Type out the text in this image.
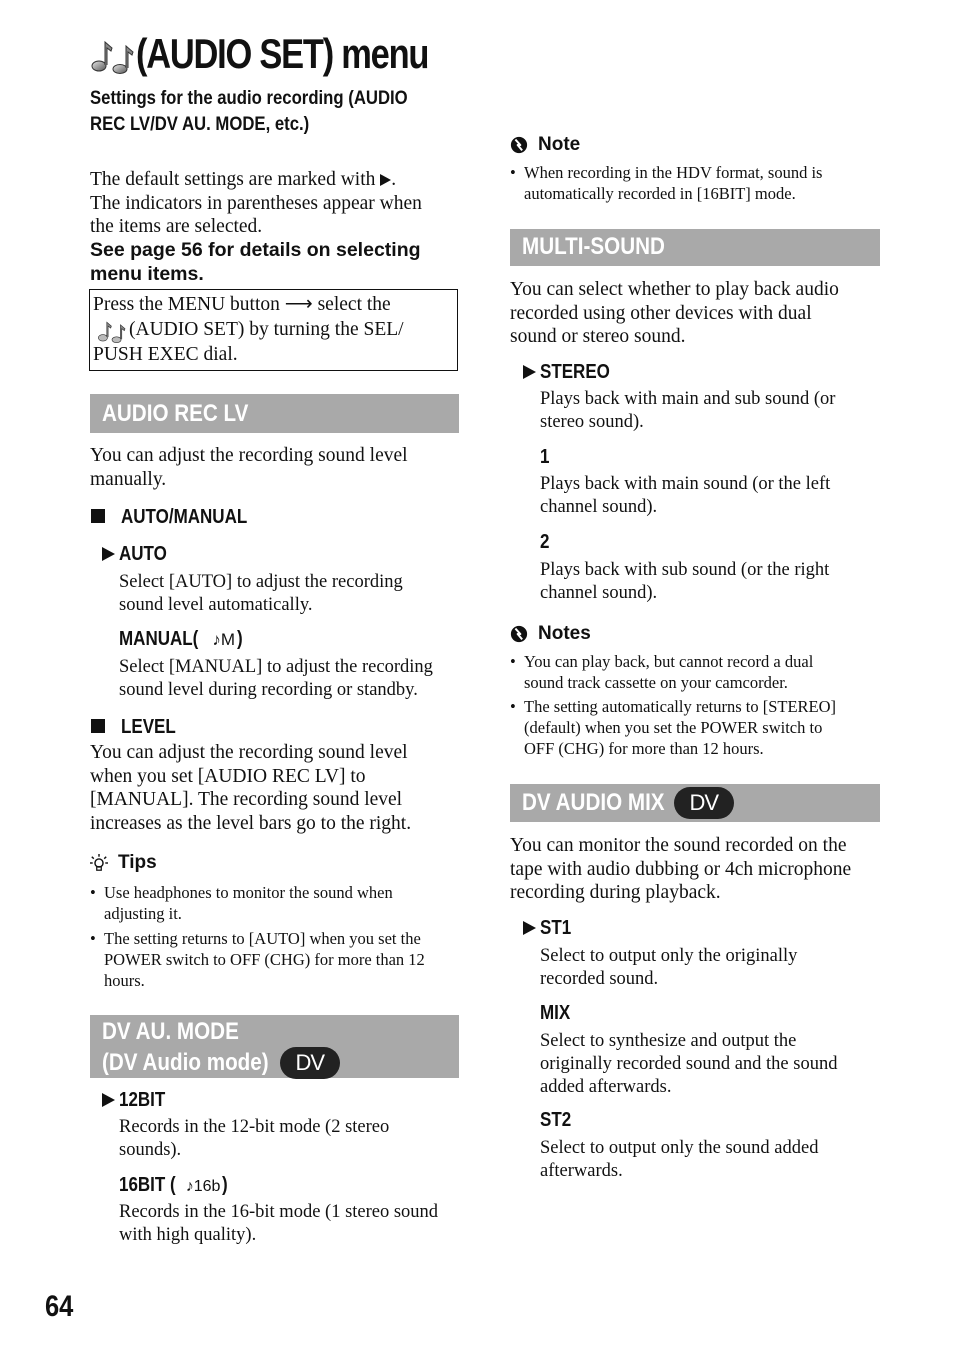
(AUDIO SET) menu
Settings for the audio recording (AUDIO
REC LV/DV AU. MODE, etc.)
The default settings are marked with .
The indicators in parentheses appear when
the items are selected.
See page 56 for details on selecting
menu items.
Press the MENU button ⟶ select the
(AUDIO SET) by turning the SEL/
PUSH EXEC dial.
AUDIO REC LV
You can adjust the recording sound level
manually.
AUTO/MANUAL
AUTO
Select [AUTO] to adjust the recording
sound level automatically.
MANUAL( ♪M )
Select [MANUAL] to adjust the recording
sound level during recording or standby.
LEVEL
You can adjust the recording sound level
when you set [AUDIO REC LV] to
[MANUAL]. The recording sound level
increases as the level bars go to the right.
Tips
• Use headphones to monitor the sound when
adjusting it.
• The setting returns to [AUTO] when you set the
POWER switch to OFF (CHG) for more than 12
hours.
DV AU. MODE
(DV Audio mode)	DV
12BIT
Records in the 12-bit mode (2 stereo
sounds).
16BIT ( ♪16b )
Records in the 16-bit mode (1 stereo sound
with high quality).
Note
• When recording in the HDV format, sound is
automatically recorded in [16BIT] mode.
MULTI-SOUND
You can select whether to play back audio
recorded using other devices with dual
sound or stereo sound.
STEREO
Plays back with main and sub sound (or
stereo sound).
1
Plays back with main sound (or the left
channel sound).
2
Plays back with sub sound (or the right
channel sound).
Notes
• You can play back, but cannot record a dual
sound track cassette on your camcorder.
• The setting automatically returns to [STEREO]
(default) when you set the POWER switch to
OFF (CHG) for more than 12 hours.
DV AUDIO MIX	DV
You can monitor the sound recorded on the
tape with audio dubbing or 4ch microphone
recording during playback.
ST1
Select to output only the originally
recorded sound.
MIX
Select to synthesize and output the
originally recorded sound and the sound
added afterwards.
ST2
Select to output only the sound added
afterwards.
64
